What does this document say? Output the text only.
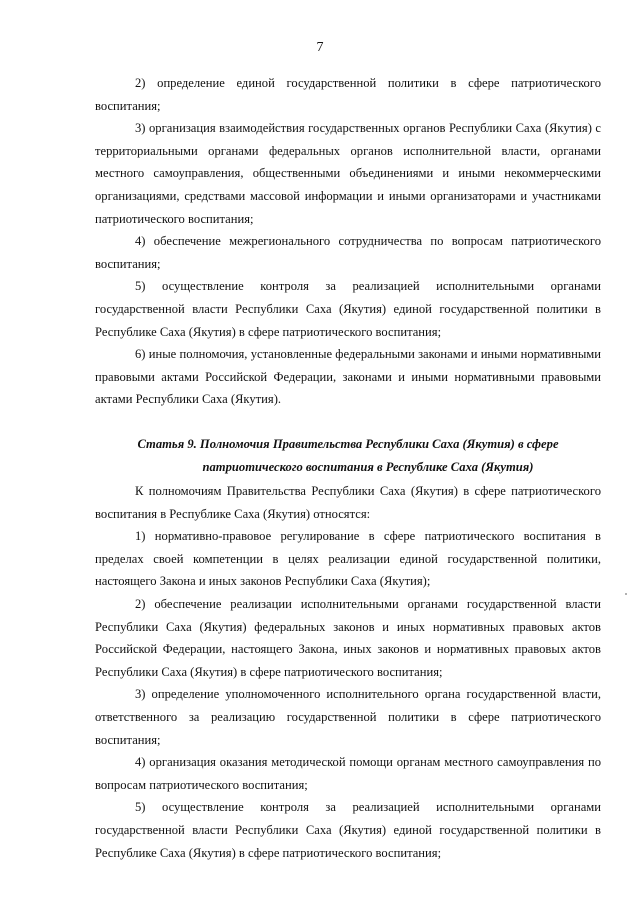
7

2) определение единой государственной политики в сфере патриотического воспитания;

3) организация взаимодействия государственных органов Республики Саха (Якутия) с территориальными органами федеральных органов исполнительной власти, органами местного самоуправления, общественными объединениями и иными некоммерческими организациями, средствами массовой информации и иными организаторами и участниками патриотического воспитания;

4) обеспечение межрегионального сотрудничества по вопросам патриотического воспитания;

5) осуществление контроля за реализацией исполнительными органами государственной власти Республики Саха (Якутия) единой государственной политики в Республике Саха (Якутия) в сфере патриотического воспитания;

6) иные полномочия, установленные федеральными законами и иными нормативными правовыми актами Российской Федерации, законами и иными нормативными правовыми актами Республики Саха (Якутия).

Статья 9. Полномочия Правительства Республики Саха (Якутия) в сфере
патриотического воспитания в Республике Саха (Якутия)

К полномочиям Правительства Республики Саха (Якутия) в сфере патриотического воспитания в Республике Саха (Якутия) относятся:

1) нормативно-правовое регулирование в сфере патриотического воспитания в пределах своей компетенции в целях реализации единой государственной политики, настоящего Закона и иных законов Республики Саха (Якутия);

2) обеспечение реализации исполнительными органами государственной власти Республики Саха (Якутия) федеральных законов и иных нормативных правовых актов Российской Федерации, настоящего Закона, иных законов и нормативных правовых актов Республики Саха (Якутия) в сфере патриотического воспитания;

3) определение уполномоченного исполнительного органа государственной власти, ответственного за реализацию государственной политики в сфере патриотического воспитания;

4) организация оказания методической помощи органам местного самоуправления по вопросам патриотического воспитания;

5) осуществление контроля за реализацией исполнительными органами государственной власти Республики Саха (Якутия) единой государственной политики в Республике Саха (Якутия) в сфере патриотического воспитания;
